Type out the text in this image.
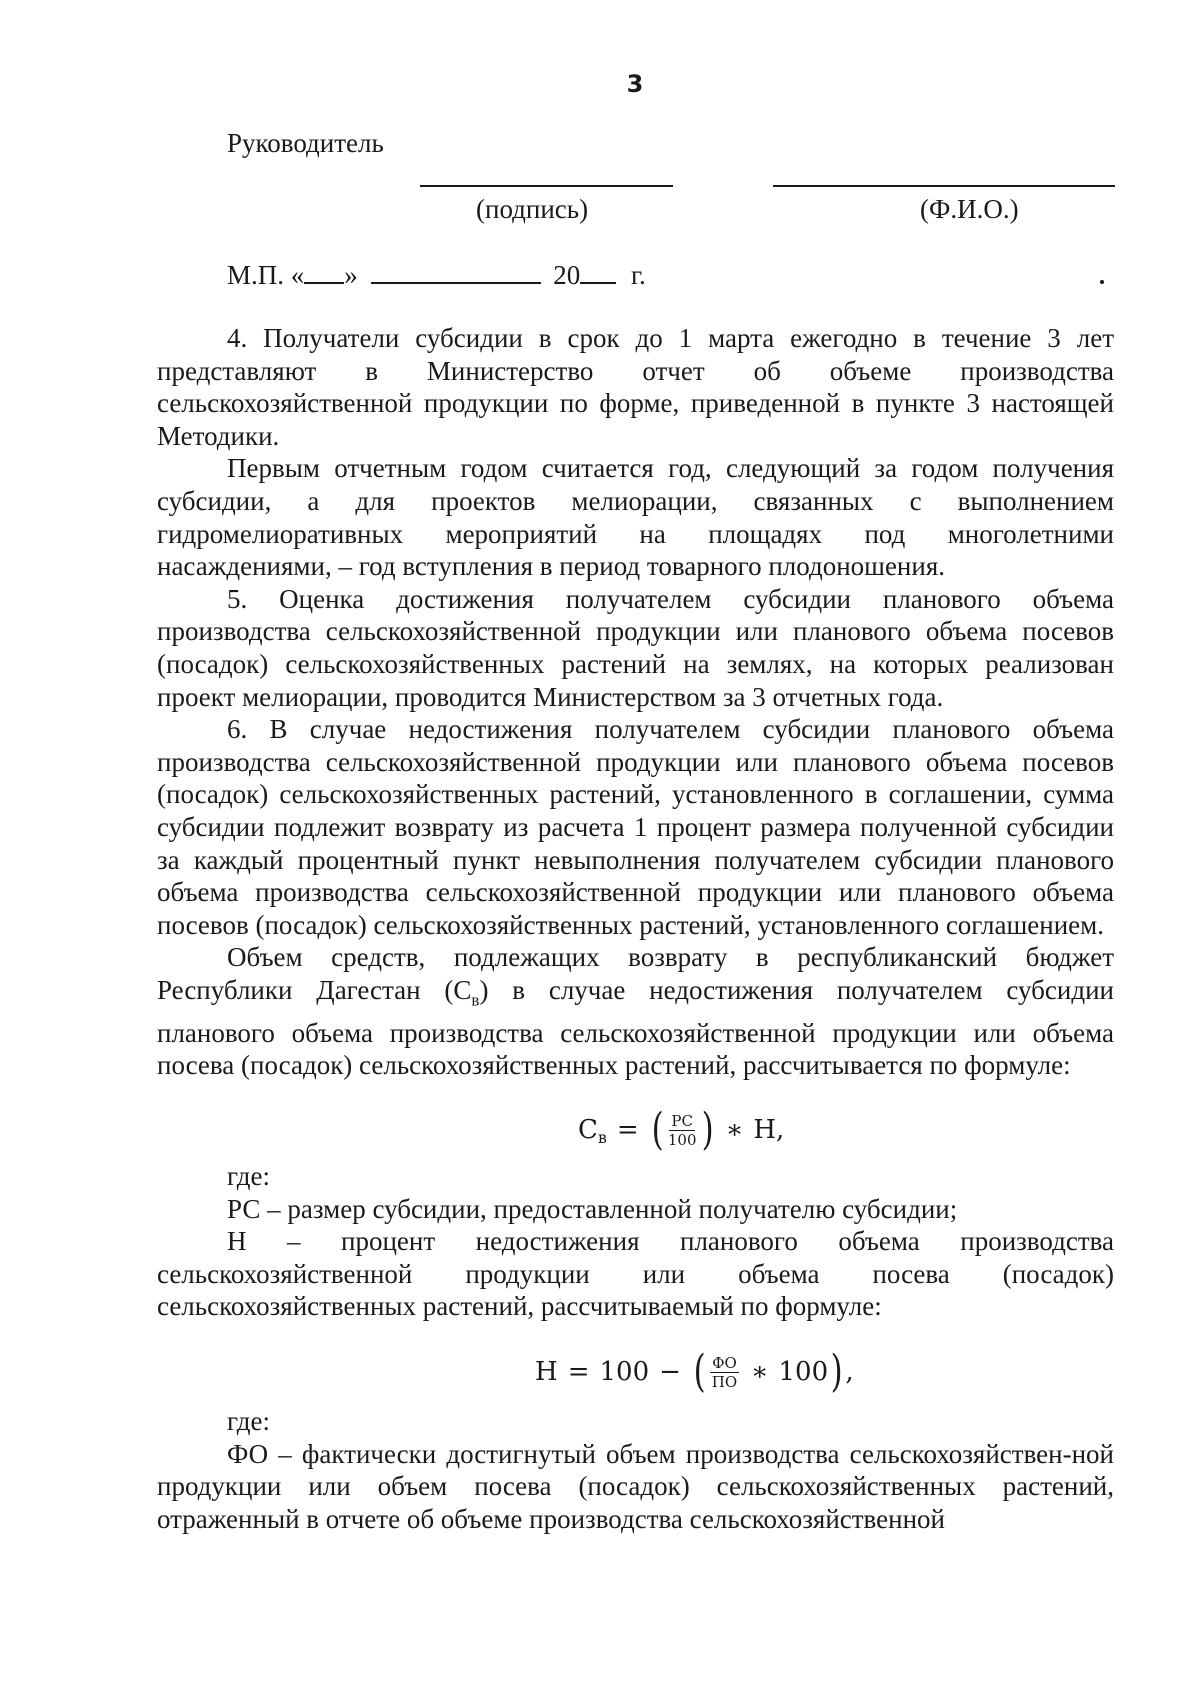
3
Руководитель
(подпись)	(Ф.И.О.)
М.П. « »	20 г.

4. Получатели субсидии в срок до 1 марта ежегодно в течение 3 лет представляют в Министерство отчет об объеме производства сельскохозяйственной продукции по форме, приведенной в пункте 3 настоящей Методики.

Первым отчетным годом считается год, следующий за годом получения субсидии, а для проектов мелиорации, связанных с выполнением гидромелиоративных мероприятий на площадях под многолетними насаждениями, – год вступления в период товарного плодоношения.

5. Оценка достижения получателем субсидии планового объема производства сельскохозяйственной продукции или планового объема посевов (посадок) сельскохозяйственных растений на землях, на которых реализован проект мелиорации, проводится Министерством за 3 отчетных года.

6. В случае недостижения получателем субсидии планового объема производства сельскохозяйственной продукции или планового объема посевов (посадок) сельскохозяйственных растений, установленного в соглашении, сумма субсидии подлежит возврату из расчета 1 процент размера полученной субсидии за каждый процентный пункт невыполнения получателем субсидии планового объема производства сельскохозяйственной продукции или планового объема посевов (посадок) сельскохозяйственных растений, установленного соглашением.

Объем средств, подлежащих возврату в республиканский бюджет Республики Дагестан $(С_в)$ в случае недостижения получателем субсидии планового объема производства сельскохозяйственной продукции или объема посева (посадок) сельскохозяйственных растений, рассчитывается по формуле:

С в = ( $\frac{РС}{100}$ ) ∗ Н,

где:

РС – размер субсидии, предоставленной получателю субсидии;

Н – процент недостижения планового объема производства сельскохозяйственной продукции или объема посева (посадок) сельскохозяйственных растений, рассчитываемый по формуле:

Н = 100 − ( $\frac{ФО}{ПО}$ ∗ 100 ) ,

где:

ФО – фактически достигнутый объем производства сельскохозяйствен-ной продукции или объем посева (посадок) сельскохозяйственных растений, отраженный в отчете об объеме производства сельскохозяйственной
